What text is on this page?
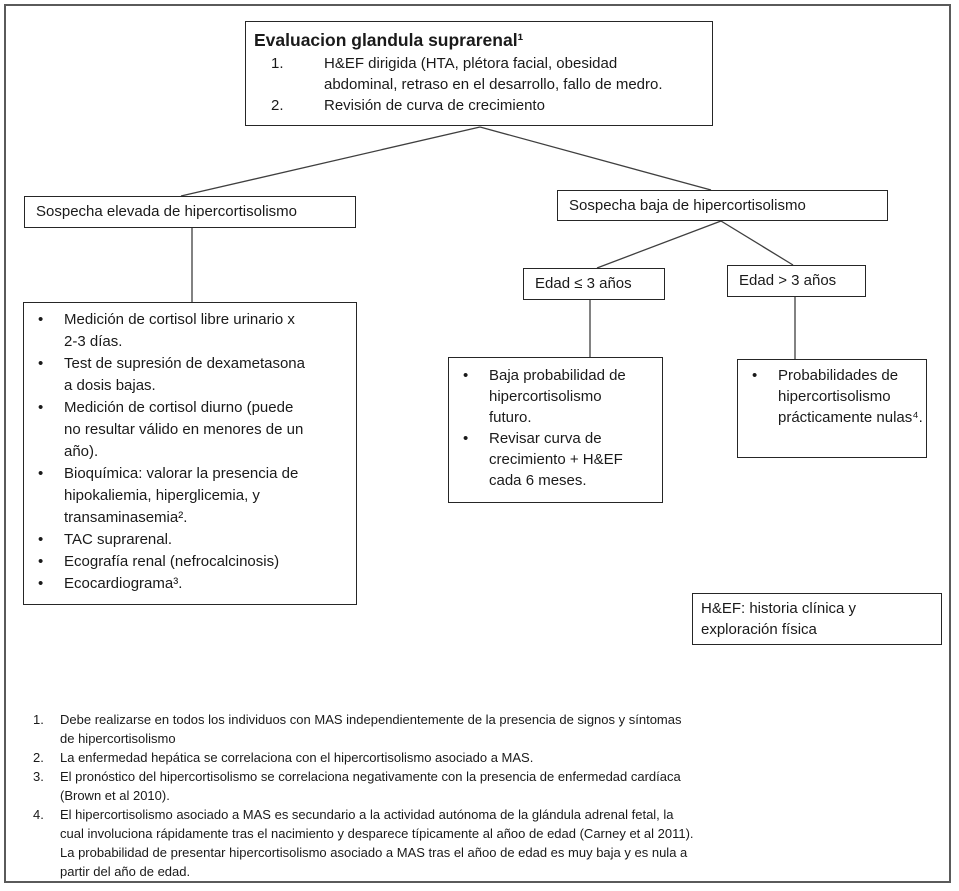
Evaluacion glandula suprarenal¹
1.	H&EF dirigida (HTA, plétora facial, obesidad abdominal, retraso en el desarrollo, fallo de medro.
2.	Revisión de curva de crecimiento
Sospecha elevada de hipercortisolismo	Sospecha baja de hipercortisolismo
Edad ≤ 3 años	Edad > 3 años
•	Medición de cortisol libre urinario x 2-3 días.
•	Test de supresión de dexametasona a dosis bajas.
•	Medición de cortisol diurno (puede no resultar válido en menores de un año).
•	Bioquímica: valorar la presencia de hipokaliemia, hiperglicemia, y transaminasemia².
•	TAC suprarenal.
•	Ecografía renal (nefrocalcinosis)
•	Ecocardiograma³.
•	Baja probabilidad de hipercortisolismo futuro.
•	Revisar curva de crecimiento + H&EF cada 6 meses.
•	Probabilidades de hipercortisolismo prácticamente nulas⁴.
H&EF: historia clínica y exploración física
1.	Debe realizarse en todos los individuos con MAS independientemente de la presencia de signos y síntomas de hipercortisolismo
2.	La enfermedad hepática se correlaciona con el hipercortisolismo asociado a MAS.
3.	El pronóstico del hipercortisolismo se correlaciona negativamente con la presencia de enfermedad cardíaca (Brown et al 2010).
4.	El hipercortisolismo asociado a MAS es secundario a la actividad autónoma de la glándula adrenal fetal, la cual involuciona rápidamente tras el nacimiento y desparece típicamente al añoo de edad (Carney et al 2011). La probabilidad de presentar hipercortisolismo asociado a MAS tras el añoo de edad es muy baja y es nula a partir del año de edad.
